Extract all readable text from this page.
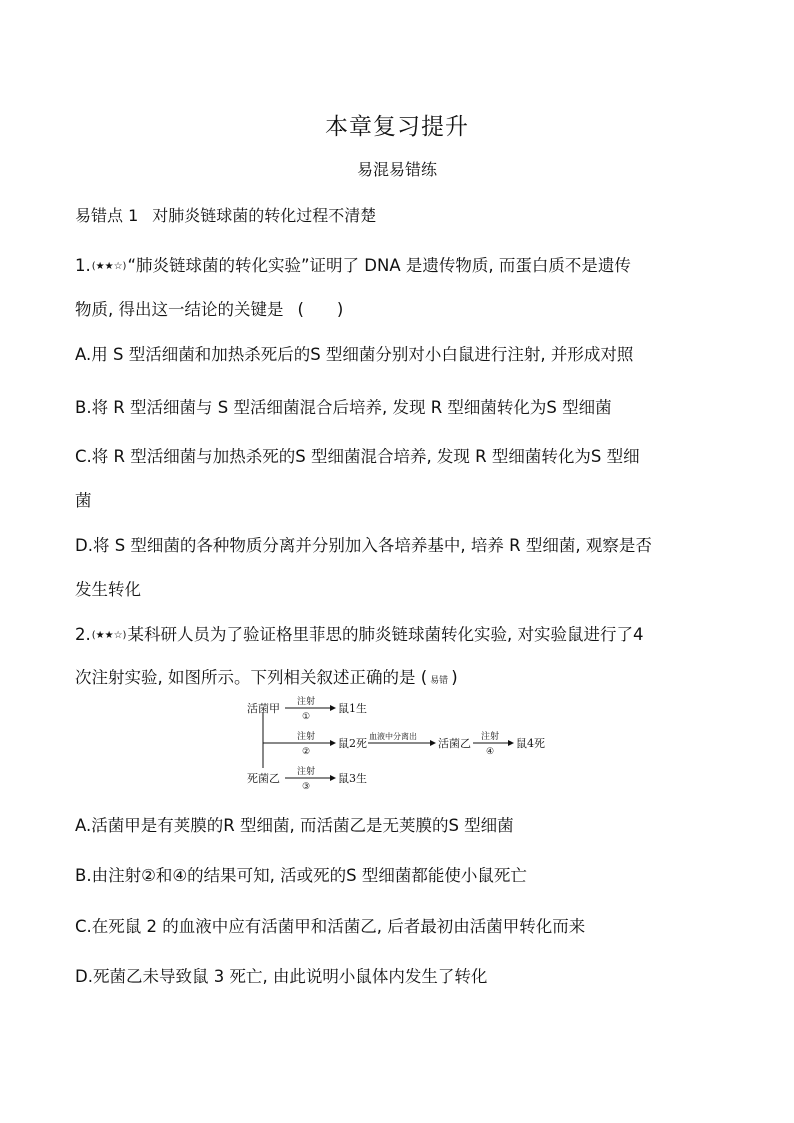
本章复习提升
易混易错练
易错点 1 对肺炎链球菌的转化过程不清楚
1.(★★☆)“肺炎链球菌的转化实验”证明了 DNA 是遗传物质, 而蛋白质不是遗传
物质, 得出这一结论的关键是 (　　)
A.用 S 型活细菌和加热杀死后的S 型细菌分别对小白鼠进行注射, 并形成对照
B.将 R 型活细菌与 S 型活细菌混合后培养, 发现 R 型细菌转化为S 型细菌
C.将 R 型活细菌与加热杀死的S 型细菌混合培养, 发现 R 型细菌转化为S 型细
菌
D.将 S 型细菌的各种物质分离并分别加入各培养基中, 培养 R 型细菌, 观察是否
发生转化
2.(★★☆)某科研人员为了验证格里菲思的肺炎链球菌转化实验, 对实验鼠进行了4
次注射实验, 如图所示。下列相关叙述正确的是 ( 易错 )
活菌甲 注射
①
鼠1生
注射
②
鼠2死
血液中分离出
活菌乙 注射
④
鼠4死
死菌乙 注射
③
鼠3生
A.活菌甲是有荚膜的R 型细菌, 而活菌乙是无荚膜的S 型细菌
B.由注射②和④的结果可知, 活或死的S 型细菌都能使小鼠死亡
C.在死鼠 2 的血液中应有活菌甲和活菌乙, 后者最初由活菌甲转化而来
D.死菌乙未导致鼠 3 死亡, 由此说明小鼠体内发生了转化
